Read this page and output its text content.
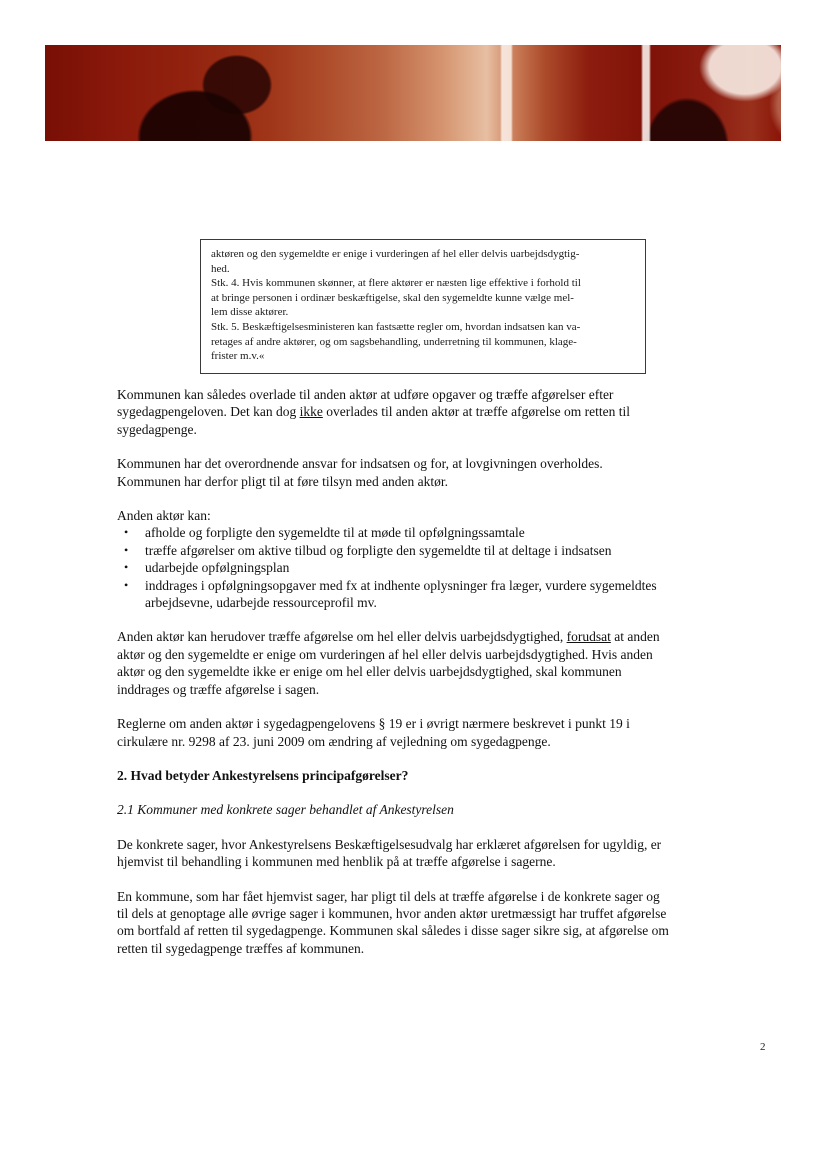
aktøren og den sygemeldte er enige i vurderingen af hel eller delvis uarbejdsdygtig-
hed.
Stk. 4. Hvis kommunen skønner, at flere aktører er næsten lige effektive i forhold til
at bringe personen i ordinær beskæftigelse, skal den sygemeldte kunne vælge mel-
lem disse aktører.
Stk. 5. Beskæftigelsesministeren kan fastsætte regler om, hvordan indsatsen kan va-
retages af andre aktører, og om sagsbehandling, underretning til kommunen, klage-
frister m.v.«

Kommunen kan således overlade til anden aktør at udføre opgaver og træffe afgørelser efter sygedagpengeloven. Det kan dog ikke overlades til anden aktør at træffe afgørelse om retten til sygedagpenge.

Kommunen har det overordnende ansvar for indsatsen og for, at lovgivningen overholdes. Kommunen har derfor pligt til at føre tilsyn med anden aktør.

Anden aktør kan:

• afholde og forpligte den sygemeldte til at møde til opfølgningssamtale
• træffe afgørelser om aktive tilbud og forpligte den sygemeldte til at deltage i indsatsen
• udarbejde opfølgningsplan
• inddrages i opfølgningsopgaver med fx at indhente oplysninger fra læger, vurdere sygemeldtes arbejdsevne, udarbejde ressourceprofil mv.

Anden aktør kan herudover træffe afgørelse om hel eller delvis uarbejdsdygtighed, forudsat at anden aktør og den sygemeldte er enige om vurderingen af hel eller delvis uarbejdsdygtighed. Hvis anden aktør og den sygemeldte ikke er enige om hel eller delvis uarbejdsdygtighed, skal kommunen inddrages og træffe afgørelse i sagen.

Reglerne om anden aktør i sygedagpengelovens § 19 er i øvrigt nærmere beskrevet i punkt 19 i cirkulære nr. 9298 af 23. juni 2009 om ændring af vejledning om sygedagpenge.

2. Hvad betyder Ankestyrelsens principafgørelser?

2.1 Kommuner med konkrete sager behandlet af Ankestyrelsen

De konkrete sager, hvor Ankestyrelsens Beskæftigelsesudvalg har erklæret afgørelsen for ugyldig, er hjemvist til behandling i kommunen med henblik på at træffe afgørelse i sagerne.

En kommune, som har fået hjemvist sager, har pligt til dels at træffe afgørelse i de konkrete sager og til dels at genoptage alle øvrige sager i kommunen, hvor anden aktør uretmæssigt har truffet afgørelse om bortfald af retten til sygedagpenge. Kommunen skal således i disse sager sikre sig, at afgørelse om retten til sygedagpenge træffes af kommunen.

2
